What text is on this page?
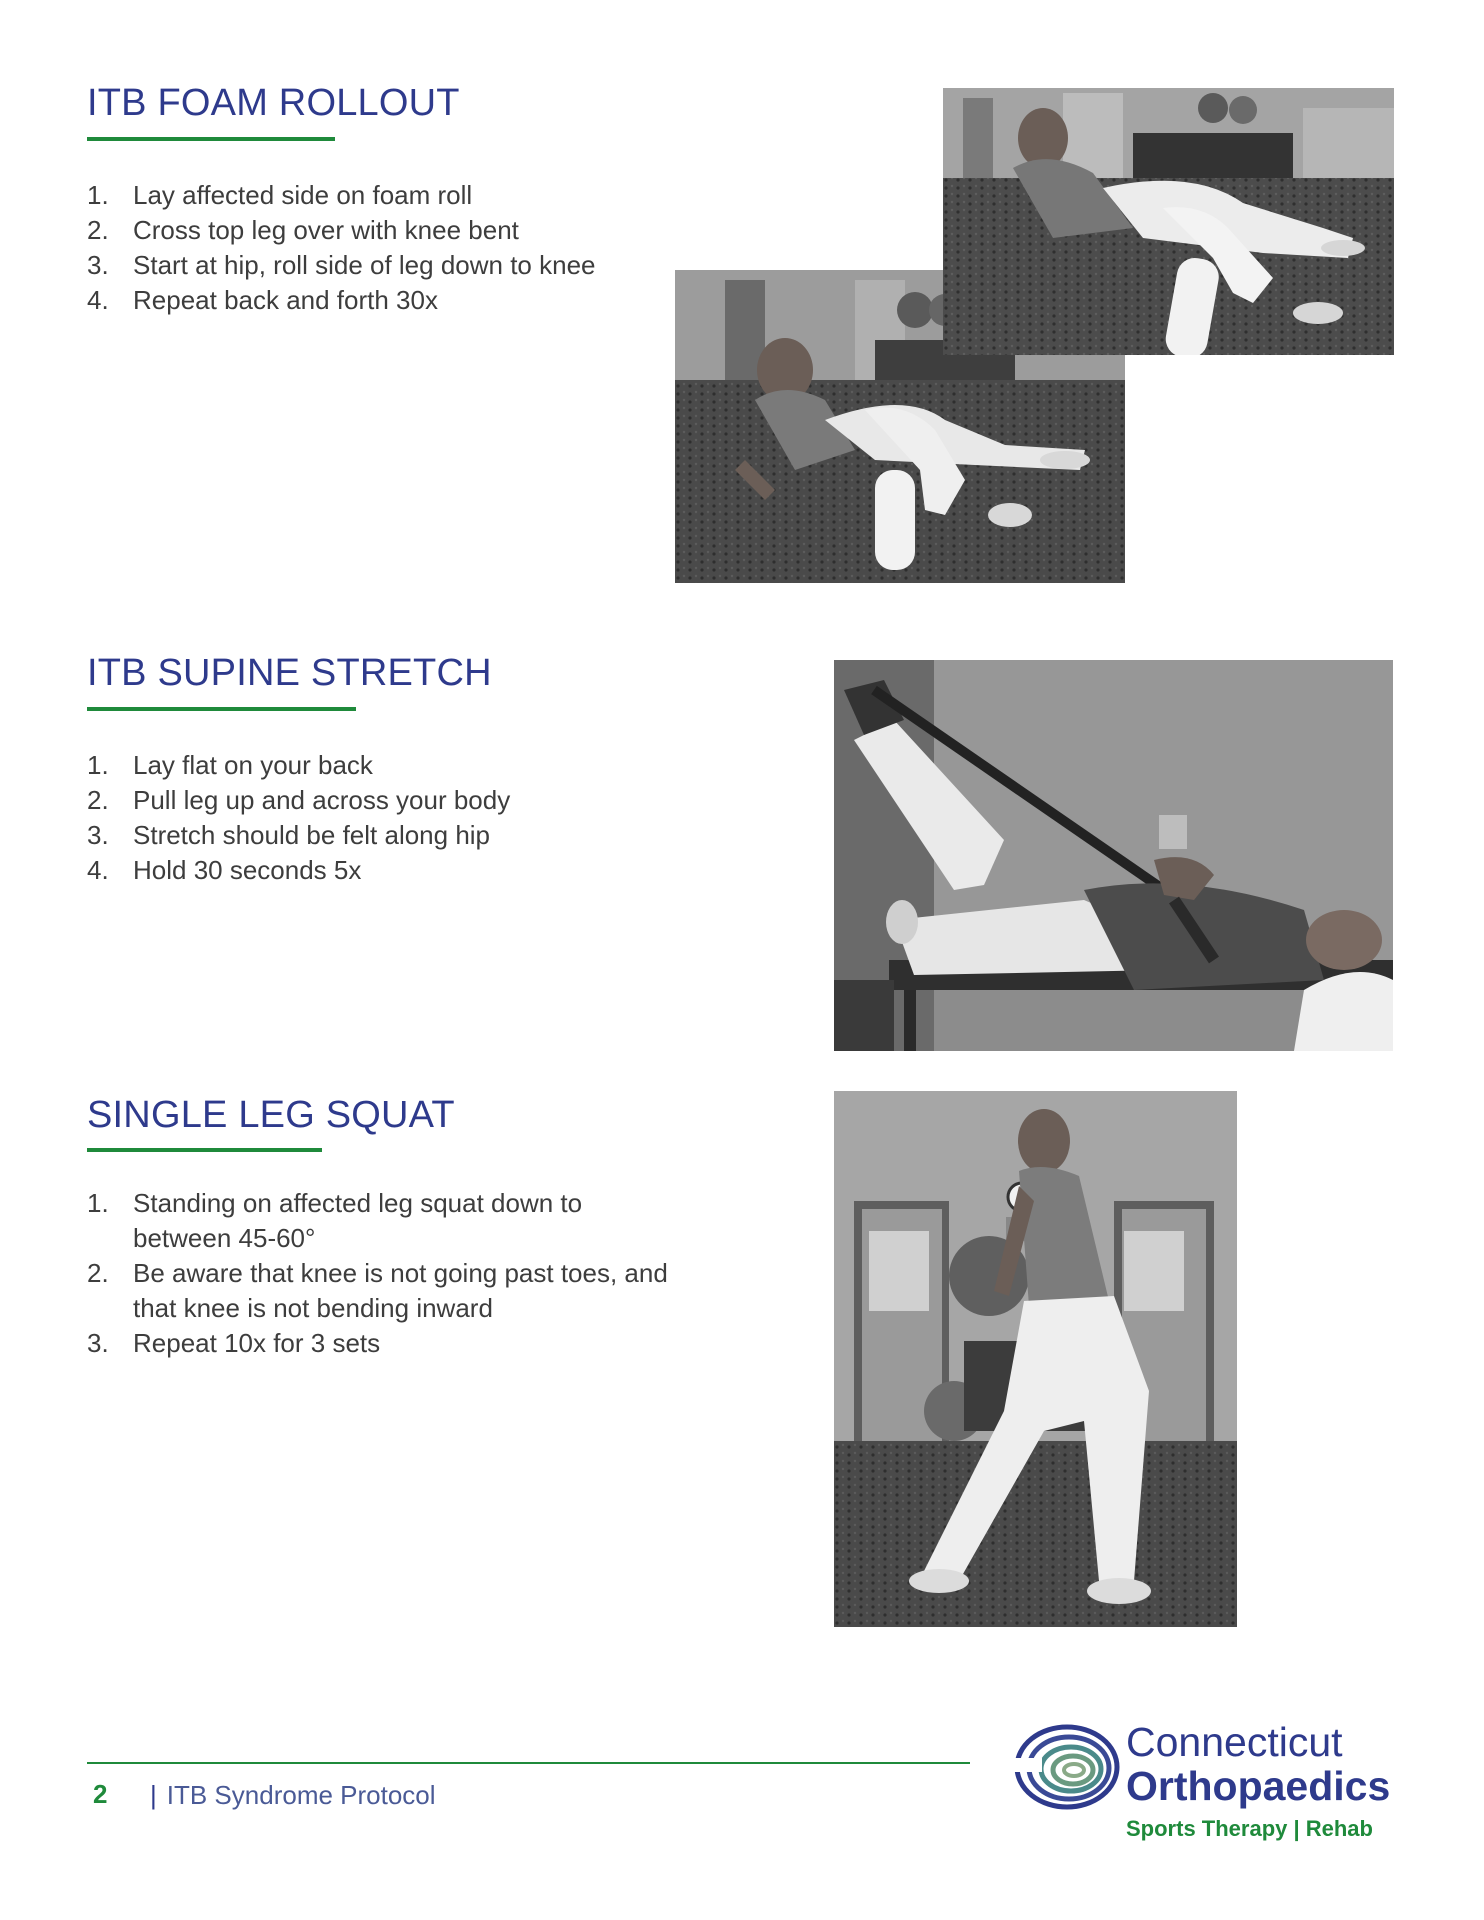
ITB FOAM ROLLOUT
1. Lay affected side on foam roll
2. Cross top leg over with knee bent
3. Start at hip, roll side of leg down to knee
4. Repeat back and forth 30x
ITB SUPINE STRETCH
1. Lay flat on your back
2. Pull leg up and across your body
3. Stretch should be felt along hip
4. Hold 30 seconds 5x
SINGLE LEG SQUAT
1. Standing on affected leg squat down to between 45-60°
2. Be aware that knee is not going past toes, and that knee is not bending inward
3. Repeat 10x for 3 sets
2 | ITB Syndrome Protocol
Connecticut
Orthopaedics
Sports Therapy | Rehab
